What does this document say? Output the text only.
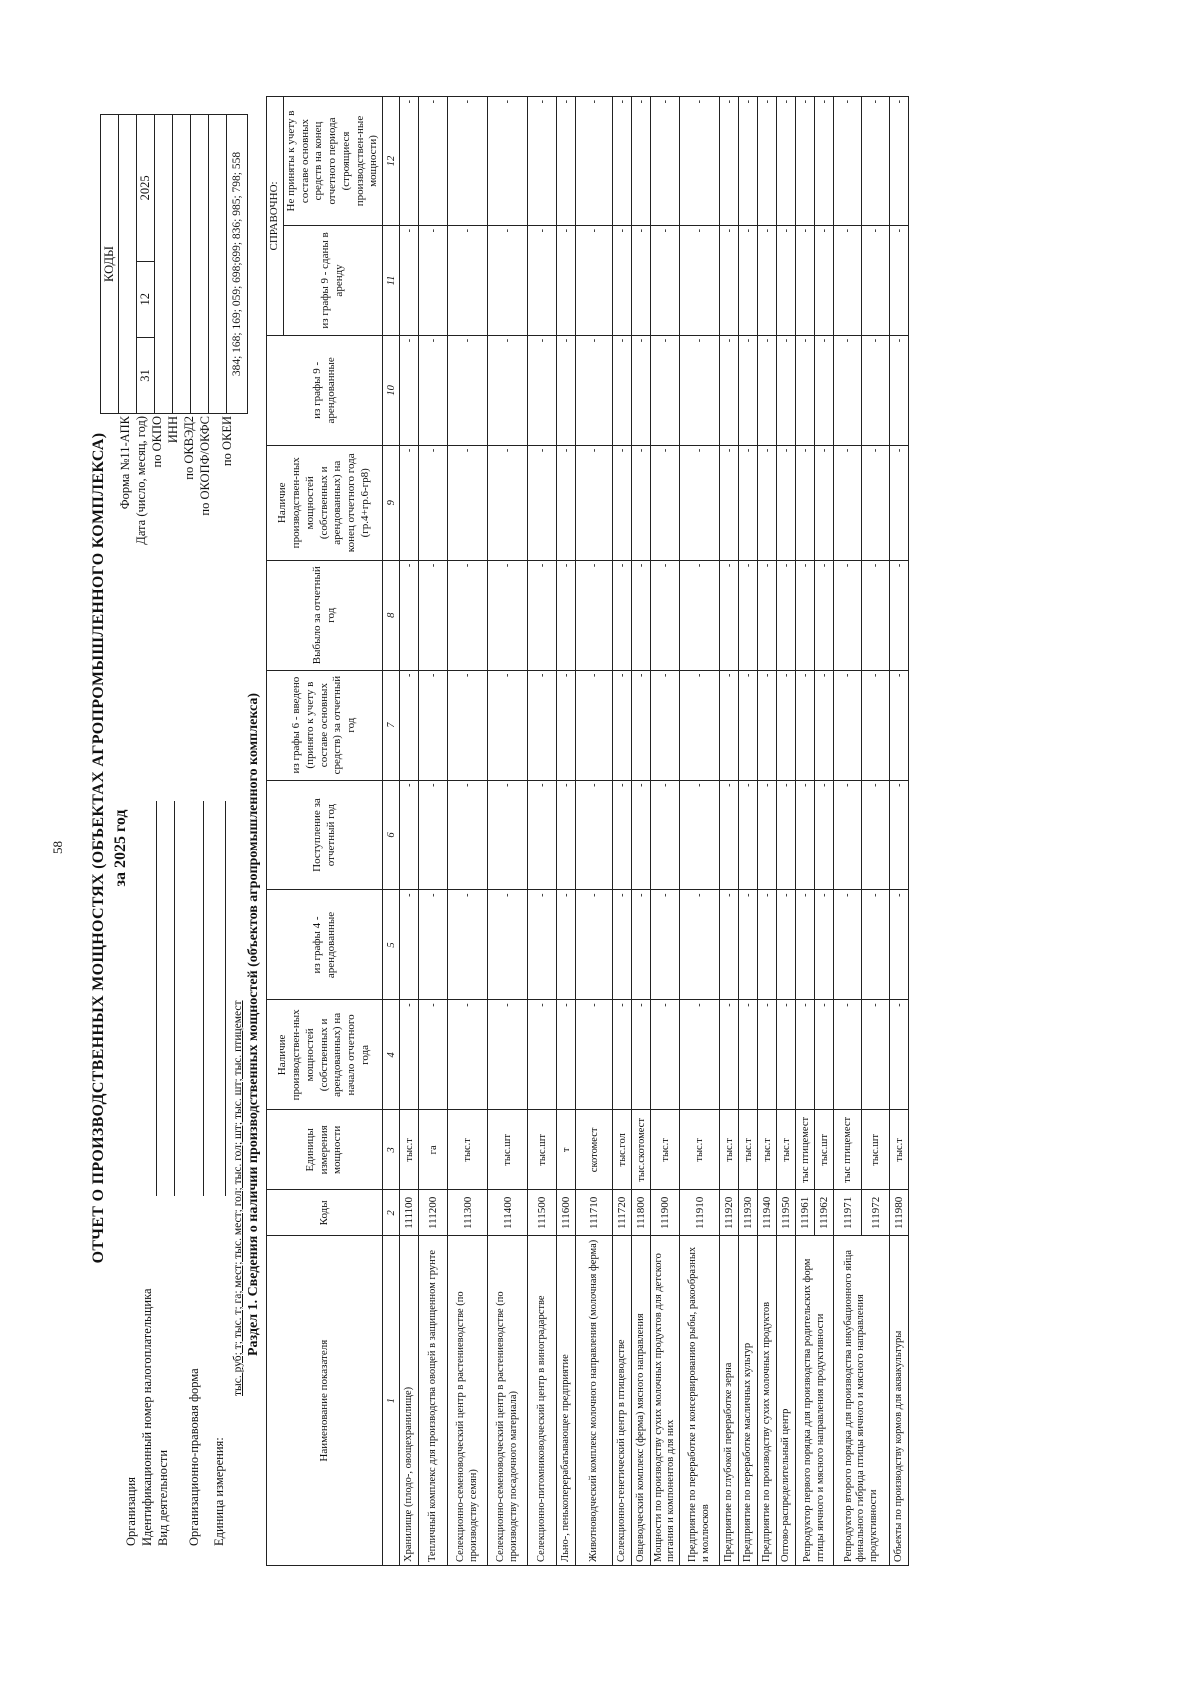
58 ОТЧЕТ О ПРОИЗВОДСТВЕННЫХ МОЩНОСТЯХ (ОБЪЕКТАХ АГРОПРОМЫШЛЕННОГО КОМПЛЕКСА) за 2025 год
Организация Идентификационный номер налогоплательщика Вид деятельности Организационно-правовая форма Единица измерения:
Форма №11-АПК Дата (число, месяц, год) по ОКПО ИНН по ОКВЭД2 по ОКОПФ/ОКФС по ОКЕИ
КОДЫ

31	12	2025

384; 168; 169; 059; 698;699; 836; 985; 798; 558
тыс. руб; т; тыс. т; га; мест; тыс. мест; гол; тыс. гол; шт; тыс. шт; тыс. птицемест Раздел 1. Сведения о наличии производственных мощностей (объектов агропромышленного комплекса)
Наименование показателя	Коды	Единицы измерения мощности	Наличие производствен-ных мощностей (собственных и арендованных) на начало отчетного года	из графы 4 - арендованные	Поступление за отчетный год	из графы 6 - введено (принято к учету в составе основных средств) за отчетный год	Выбыло за отчетный год	Наличие производствен-ных мощностей (собственных и арендованных) на конец отчетного года (гр.4+гр.6-гр8)	из графы 9 - арендованные	СПРАВОЧНО:	
										из графы 9 - сданы в аренду	Не приняты к учету в составе основных средств на конец отчетного периода (строящиеся производствен-ные мощности)
1	2	3	4	5	6	7	8	9	10	11	12
Хранилище (плодо-, овощехранилище)	111100	тыс.т	-	-	-	-	-	-	-	-	-
Тепличный комплекс для производства овощей в защищенном грунте	111200	га	-	-	-	-	-	-	-	-	-
Селекционно-семеноводческий центр в растениеводстве (по производству семян)	111300	тыс.т	-	-	-	-	-	-	-	-	-
Селекционно-семеноводческий центр в растениеводстве (по производству посадочного материала)	111400	тыс.шт	-	-	-	-	-	-	-	-	-
Селекционно-питомниководческий центр в виноградарстве	111500	тыс.шт	-	-	-	-	-	-	-	-	-
Льно-, пенькоперерабатывающее предприятие	111600	т	-	-	-	-	-	-	-	-	-
Животноводческий комплекс молочного направления (молочная ферма)	111710	скотомест	-	-	-	-	-	-	-	-	-
Селекционно-генетический центр в птицеводстве	111720	тыс.гол	-	-	-	-	-	-	-	-	-
Овцеводческий комплекс (ферма) мясного направления	111800	тыс.скотомест	-	-	-	-	-	-	-	-	-
Мощности по производству сухих молочных продуктов для детского питания и компонентов для них	111900	тыс.т	-	-	-	-	-	-	-	-	-
Предприятие по переработке и консервированию рыбы, ракообразных и моллюсков	111910	тыс.т	-	-	-	-	-	-	-	-	-
Предприятие по глубокой переработке зерна	111920	тыс.т	-	-	-	-	-	-	-	-	-
Предприятие по переработке масличных культур	111930	тыс.т	-	-	-	-	-	-	-	-	-
Предприятие по производству сухих молочных продуктов	111940	тыс.т	-	-	-	-	-	-	-	-	-
Оптово-распределительный центр	111950	тыс.т	-	-	-	-	-	-	-	-	-
Репродуктор первого порядка для производства родительских форм птицы яичного и мясного направления продуктивности	111961	тыс птицемест	-	-	-	-	-	-	-	-	-
	111962	тыс.шт	-	-	-	-	-	-	-	-	-
Репродуктор второго порядка для производства инкубационного яйца финального гибрида птицы яичного и мясного направления продуктивности	111971	тыс птицемест	-	-	-	-	-	-	-	-	-
	111972	тыс.шт	-	-	-	-	-	-	-	-	-
Объекты по производству кормов для аквакультуры	111980	тыс.т	-	-	-	-	-	-	-	-	-
